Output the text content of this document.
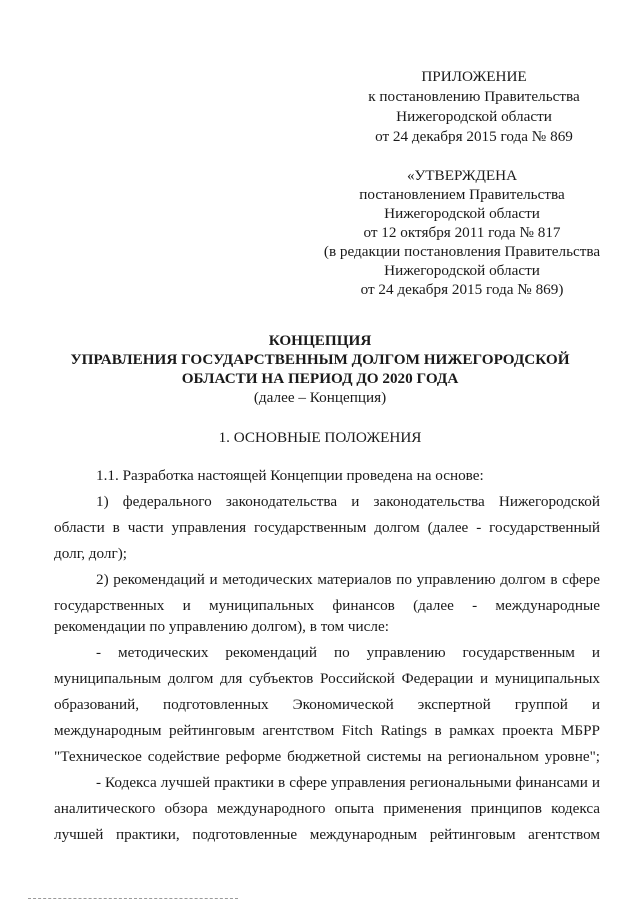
ПРИЛОЖЕНИЕ
к постановлению Правительства
Нижегородской области
от 24 декабря 2015 года № 869
«УТВЕРЖДЕНА
постановлением Правительства
Нижегородской области
от 12 октября 2011 года № 817
(в редакции постановления Правительства
Нижегородской области
от 24 декабря 2015 года № 869)
КОНЦЕПЦИЯ
УПРАВЛЕНИЯ ГОСУДАРСТВЕННЫМ ДОЛГОМ НИЖЕГОРОДСКОЙ
ОБЛАСТИ НА ПЕРИОД ДО 2020 ГОДА
(далее – Концепция)
1. ОСНОВНЫЕ ПОЛОЖЕНИЯ
1.1. Разработка настоящей Концепции проведена на основе:
1) федерального законодательства и законодательства Нижегородской
области в части управления государственным долгом (далее - государственный
долг, долг);
2) рекомендаций и методических материалов по управлению долгом в сфере
государственных и муниципальных финансов (далее - международные
рекомендации по управлению долгом), в том числе:
- методических рекомендаций по управлению государственным и
муниципальным долгом для субъектов Российской Федерации и муниципальных
образований, подготовленных Экономической экспертной группой и
международным рейтинговым агентством Fitch Ratings в рамках проекта МБРР
"Техническое содействие реформе бюджетной системы на региональном уровне";
- Кодекса лучшей практики в сфере управления региональными финансами и
аналитического обзора международного опыта применения принципов кодекса
лучшей практики, подготовленные международным рейтинговым агентством
